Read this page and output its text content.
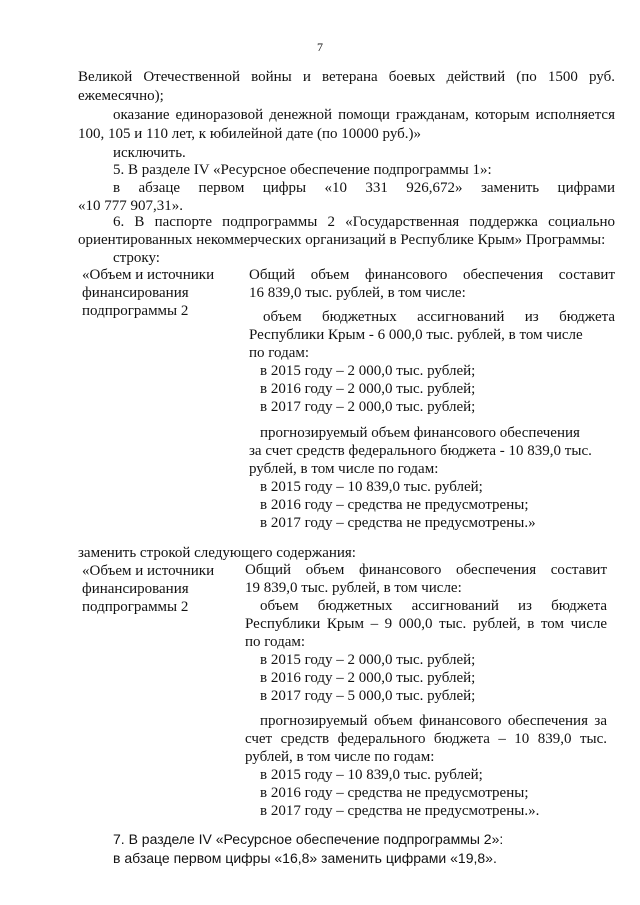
7
Великой Отечественной войны и ветерана боевых действий (по 1500 руб.
ежемесячно);
оказание единоразовой денежной помощи гражданам, которым исполняется
100, 105 и 110 лет, к юбилейной дате (по 10000 руб.)»
исключить.
5. В разделе IV «Ресурсное обеспечение подпрограммы 1»:
в абзаце первом цифры «10 331 926,672» заменить цифрами
«10 777 907,31».
6. В паспорте подпрограммы 2 «Государственная поддержка социально
ориентированных некоммерческих организаций в Республике Крым» Программы:
строку:
«Объем и источники
финансирования
подпрограммы 2
Общий объем финансового обеспечения составит
16 839,0 тыс. рублей, в том числе:
объем бюджетных ассигнований из бюджета
Республики Крым - 6 000,0 тыс. рублей, в том числе
по годам:
в 2015 году – 2 000,0 тыс. рублей;
в 2016 году – 2 000,0 тыс. рублей;
в 2017 году – 2 000,0 тыс. рублей;
прогнозируемый объем финансового обеспечения
за счет средств федерального бюджета - 10 839,0 тыс.
рублей, в том числе по годам:
в 2015 году – 10 839,0 тыс. рублей;
в 2016 году – средства не предусмотрены;
в 2017 году – средства не предусмотрены.»
заменить строкой следующего содержания:
«Объем и источники
финансирования
подпрограммы 2
Общий объем финансового обеспечения составит
19 839,0 тыс. рублей, в том числе:
объем бюджетных ассигнований из бюджета
Республики Крым – 9 000,0 тыс. рублей, в том числе
по годам:
в 2015 году – 2 000,0 тыс. рублей;
в 2016 году – 2 000,0 тыс. рублей;
в 2017 году – 5 000,0 тыс. рублей;
прогнозируемый объем финансового обеспечения за
счет средств федерального бюджета – 10 839,0 тыс.
рублей, в том числе по годам:
в 2015 году – 10 839,0 тыс. рублей;
в 2016 году – средства не предусмотрены;
в 2017 году – средства не предусмотрены.».
7. В разделе IV «Ресурсное обеспечение подпрограммы 2»:
в абзаце первом цифры «16,8» заменить цифрами «19,8».
